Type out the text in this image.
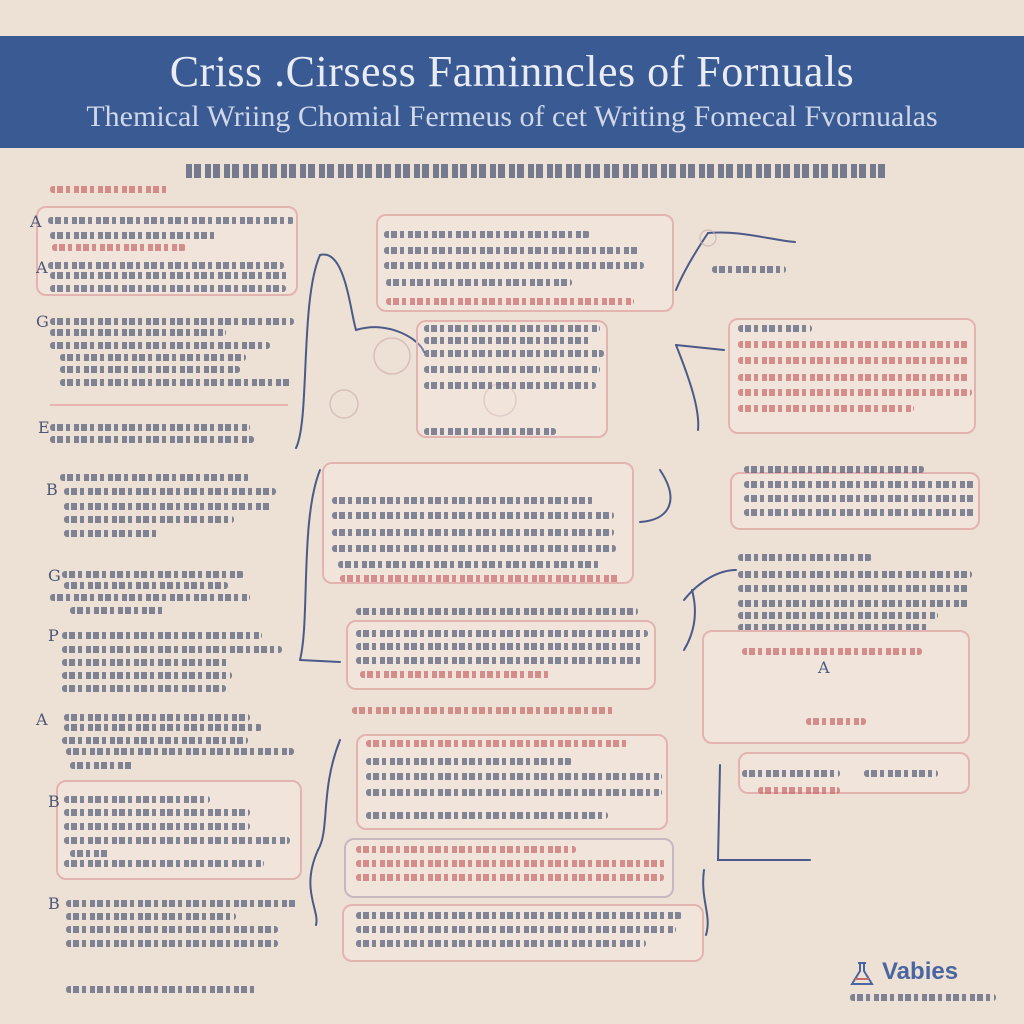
Criss .Cirsess Faminncles of Fornuals
Themical Wriing Chomial Fermeus of cet Writing Fomecal Fvornualas
A
A
G
E
B
G
P
A
B
B
A
Vabies
